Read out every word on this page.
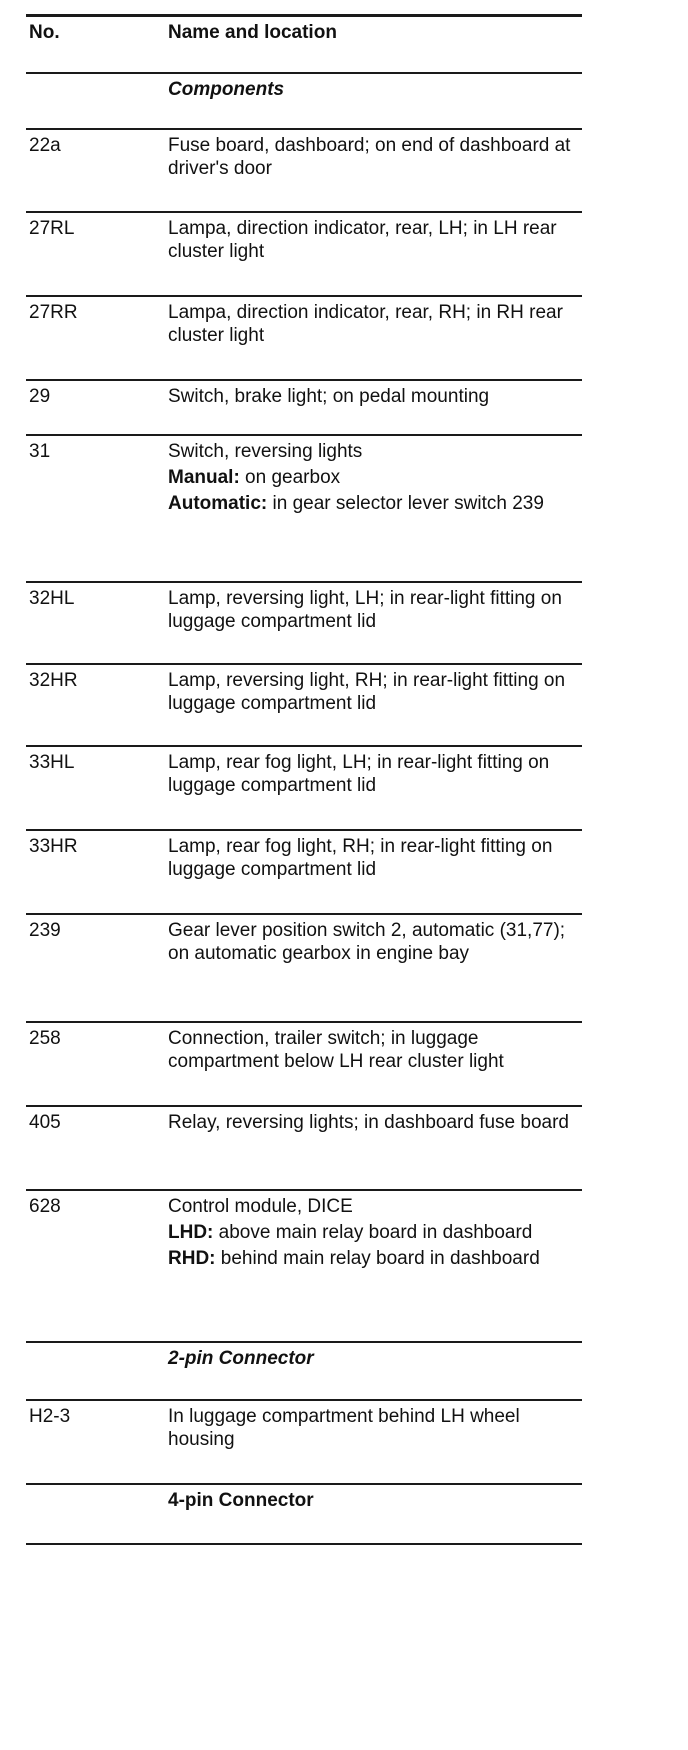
No.	Name and location
Components
22a	Fuse board, dashboard; on end of dashboard at driver's door

27RL	Lampa, direction indicator, rear, LH; in LH rear cluster light

27RR	Lampa, direction indicator, rear, RH; in RH rear cluster light

29	Switch, brake light; on pedal mounting

31	Switch, reversing lights

Manual: on gearbox

Automatic: in gear selector lever switch 239

32HL	Lamp, reversing light, LH; in rear-light fitting on luggage compartment lid

32HR	Lamp, reversing light, RH; in rear-light fitting on luggage compartment lid

33HL	Lamp, rear fog light, LH; in rear-light fitting on luggage compartment lid

33HR	Lamp, rear fog light, RH; in rear-light fitting on luggage compartment lid

239	Gear lever position switch 2, automatic (31,77); on automatic gearbox in engine bay

258	Connection, trailer switch; in luggage compartment below LH rear cluster light

405	Relay, reversing lights; in dashboard fuse board

628	Control module, DICE

LHD: above main relay board in dashboard

RHD: behind main relay board in dashboard

2-pin Connector
H2-3	In luggage compartment behind LH wheel housing

4-pin Connector
